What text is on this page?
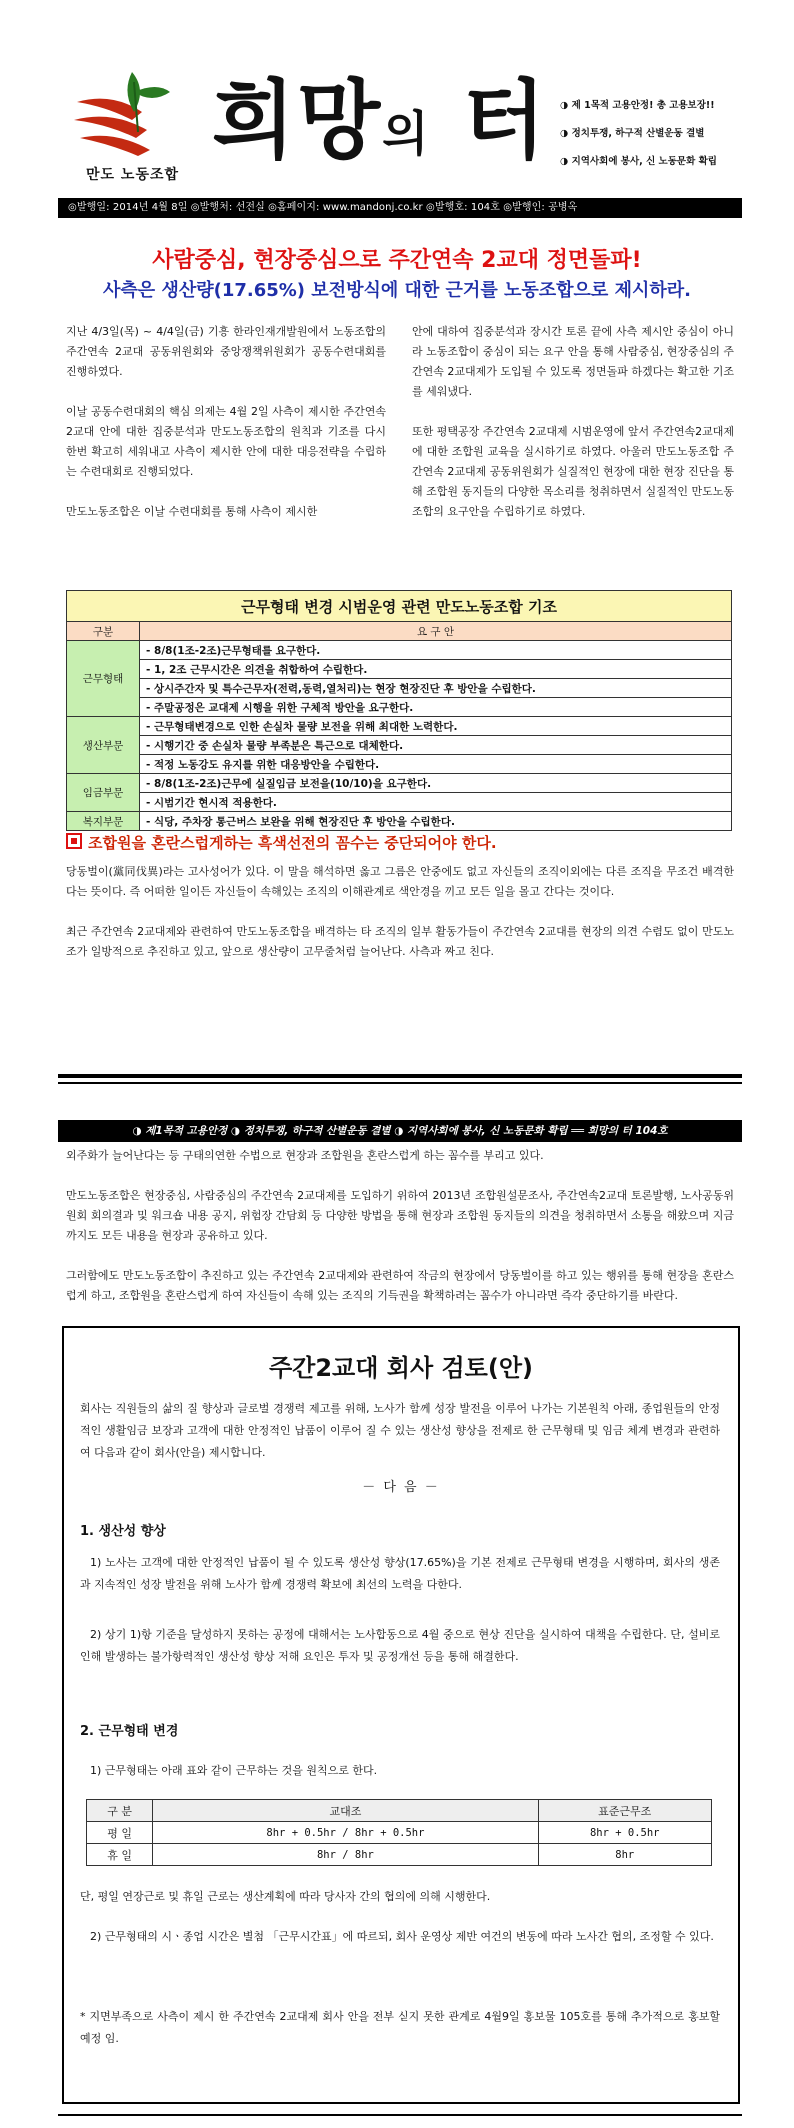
만도 노동조합
희망의 터	◑ 제 1목적 고용안정! 총 고용보장!!
◑ 정치투쟁, 하구적 산별운동 결별
◑ 지역사회에 봉사, 신 노동문화 확립
◎발행일: 2014년 4월 8일 ◎발행처: 선전실 ◎홈페이지: www.mandonj.co.kr ◎발행호: 104호 ◎발행인: 공병옥
사람중심, 현장중심으로 주간연속 2교대 정면돌파!
사측은 생산량(17.65%) 보전방식에 대한 근거를 노동조합으로 제시하라.

지난 4/3일(목) ~ 4/4일(금) 기흥 한라인재개발원에서 노동조합의 주간연속 2교대 공동위원회와 중앙쟁책위원회가 공동수련대회를 진행하였다.

이날 공동수련대회의 핵심 의제는 4월 2일 사측이 제시한 주간연속 2교대 안에 대한 집중분석과 만도노동조합의 원칙과 기조를 다시 한번 확고히 세워내고 사측이 제시한 안에 대한 대응전략을 수립하는 수련대회로 진행되었다.

만도노동조합은 이날 수련대회를 통해 사측이 제시한

안에 대하여 집중분석과 장시간 토론 끝에 사측 제시안 중심이 아니라 노동조합이 중심이 되는 요구 안을 통해 사람중심, 현장중심의 주간연속 2교대제가 도입될 수 있도록 정면돌파 하겠다는 확고한 기조를 세워냈다.

또한 평택공장 주간연속 2교대제 시범운영에 앞서 주간연속2교대제에 대한 조합원 교육을 실시하기로 하였다. 아울러 만도노동조합 주간연속 2교대제 공동위원회가 실질적인 현장에 대한 현장 진단을 통해 조합원 동지들의 다양한 목소리를 청취하면서 실질적인 만도노동조합의 요구안을 수립하기로 하였다.

근무형태 변경 시범운영 관련 만도노동조합 기조	
구분	요 구 안
근무형태	- 8/8(1조-2조)근무형태를 요구한다.
	- 1, 2조 근무시간은 의견을 취합하여 수립한다.
	- 상시주간자 및 특수근무자(전력,동력,열처리)는 현장 현장진단 후 방안을 수립한다.
	- 주말공정은 교대제 시행을 위한 구체적 방안을 요구한다.
생산부문	- 근무형태변경으로 인한 손실차 물량 보전을 위해 최대한 노력한다.
	- 시행기간 중 손실차 물량 부족분은 특근으로 대체한다.
	- 적정 노동강도 유지를 위한 대응방안을 수립한다.
임금부문	- 8/8(1조-2조)근무에 실질임금 보전을(10/10)을 요구한다.
	- 시범기간 현시적 적용한다.
복지부문	- 식당, 주차장 통근버스 보완을 위해 현장진단 후 방안을 수립한다.
조합원을 혼란스럽게하는 흑색선전의 꼼수는 중단되어야 한다.

당동벌이(黨同伐異)라는 고사성어가 있다. 이 말을 해석하면 옳고 그름은 안중에도 없고 자신들의 조직이외에는 다른 조직을 무조건 배격한다는 뜻이다. 즉 어떠한 일이든 자신들이 속해있는 조직의 이해관계로 색안경을 끼고 모든 일을 몰고 간다는 것이다.

최근 주간연속 2교대제와 관련하여 만도노동조합을 배격하는 타 조직의 일부 활동가들이 주간연속 2교대를 현장의 의견 수렴도 없이 만도노조가 일방적으로 추진하고 있고, 앞으로 생산량이 고무줄처럼 늘어난다. 사측과 짜고 친다.

◑ 제1목적 고용안정 ◑ 정치투쟁, 하구적 산별운동 결별 ◑ 지역사회에 봉사, 신 노동문화 확립 ══ 희망의 터 104호

외주화가 늘어난다는 등 구태의연한 수법으로 현장과 조합원을 혼란스럽게 하는 꼼수를 부리고 있다.

만도노동조합은 현장중심, 사람중심의 주간연속 2교대제를 도입하기 위하여 2013년 조합원설문조사, 주간연속2교대 토론발행, 노사공동위원회 회의결과 및 워크숍 내용 공지, 위험장 간담회 등 다양한 방법을 통해 현장과 조합원 동지들의 의견을 청취하면서 소통을 해왔으며 지금까지도 모든 내용을 현장과 공유하고 있다.

그러함에도 만도노동조합이 추진하고 있는 주간연속 2교대제와 관련하여 작금의 현장에서 당동벌이를 하고 있는 행위를 통해 현장을 혼란스럽게 하고, 조합원을 혼란스럽게 하여 자신들이 속해 있는 조직의 기득권을 확책하려는 꼼수가 아니라면 즉각 중단하기를 바란다.

주간2교대 회사 검토(안)
회사는 직원들의 삶의 질 향상과 글로벌 경쟁력 제고를 위해, 노사가 함께 성장 발전을 이루어 나가는 기본원칙 아래, 종업원들의 안정적인 생활임금 보장과 고객에 대한 안정적인 납품이 이루어 질 수 있는 생산성 향상을 전제로 한 근무형태 및 임금 체계 변경과 관련하여 다음과 같이 회사(안을) 제시합니다.
－ 다 음 －
1. 생산성 향상
1) 노사는 고객에 대한 안정적인 납품이 될 수 있도록 생산성 향상(17.65%)을 기본 전제로 근무형태 변경을 시행하며, 회사의 생존과 지속적인 성장 발전을 위해 노사가 함께 경쟁력 확보에 최선의 노력을 다한다.
2) 상기 1)항 기준을 달성하지 못하는 공정에 대해서는 노사합동으로 4월 중으로 현상 진단을 실시하여 대책을 수립한다. 단, 설비로 인해 발생하는 불가항력적인 생산성 향상 저해 요인은 투자 및 공정개선 등을 통해 해결한다.
2. 근무형태 변경
1) 근무형태는 아래 표와 같이 근무하는 것을 원칙으로 한다.
구 분	교대조	표준근무조
평 일	8hr + 0.5hr / 8hr + 0.5hr	8hr + 0.5hr
휴 일	8hr / 8hr	8hr
단, 평일 연장근로 및 휴일 근로는 생산계획에 따라 당사자 간의 협의에 의해 시행한다.
2) 근무형태의 시ㆍ종업 시간은 별첨 「근무시간표」에 따르되, 회사 운영상 제반 여건의 변동에 따라 노사간 협의, 조정할 수 있다.
* 지면부족으로 사측이 제시 한 주간연속 2교대제 회사 안을 전부 싣지 못한 관계로 4월9일 홍보물 105호를 통해 추가적으로 홍보할 예정 임.
